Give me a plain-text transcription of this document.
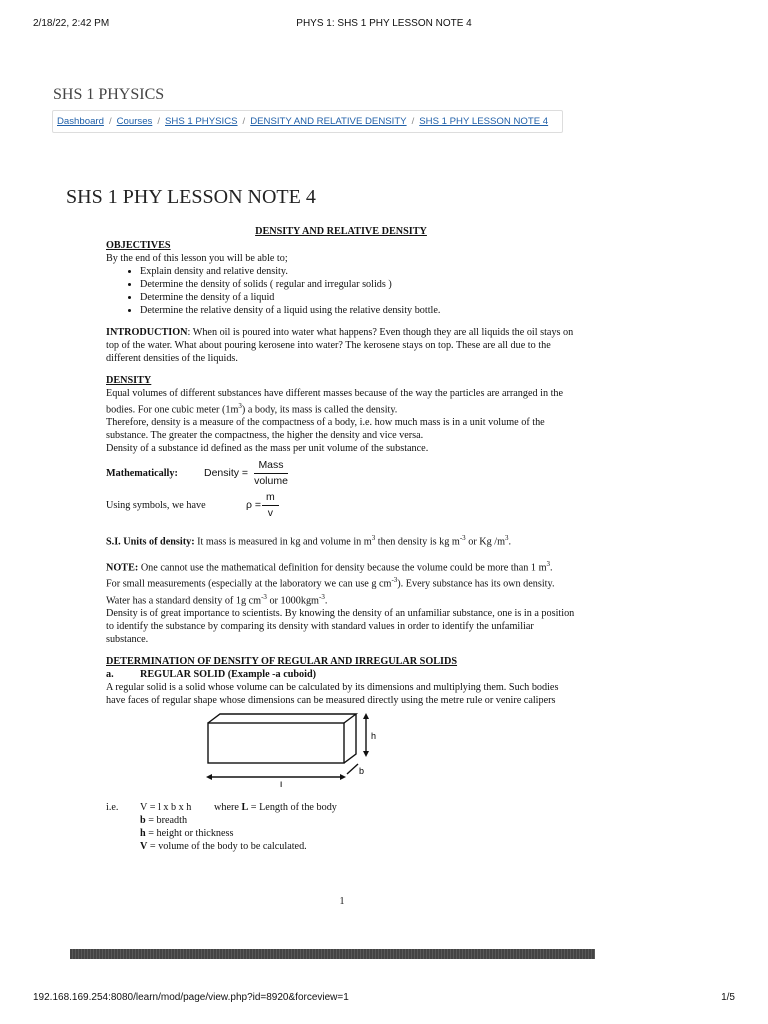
2/18/22, 2:42 PM	PHYS 1: SHS 1 PHY LESSON NOTE 4
SHS 1 PHYSICS
Dashboard / Courses / SHS 1 PHYSICS / DENSITY AND RELATIVE DENSITY / SHS 1 PHY LESSON NOTE 4
SHS 1 PHY LESSON NOTE 4

DENSITY AND RELATIVE DENSITY

OBJECTIVES

By the end of this lesson you will be able to;

• Explain density and relative density.
• Determine the density of solids ( regular and irregular solids )
• Determine the density of a liquid
• Determine the relative density of a liquid using the relative density bottle.

INTRODUCTION: When oil is poured into water what happens? Even though they are all liquids the oil stays on top of the water. What about pouring kerosene into water? The kerosene stays on top. These are all due to the different densities of the liquids.

DENSITY

Equal volumes of different substances have different masses because of the way the particles are arranged in the bodies. For one cubic meter $(1m^3)$ a body, its mass is called the density.

Therefore, density is a measure of the compactness of a body, i.e. how much mass is in a unit volume of the substance. The greater the compactness, the higher the density and vice versa.

Density of a substance id defined as the mass per unit volume of the substance.

Mathematically:	Density = $\frac{\text{Mass}}{\text{volume}}$
Using symbols, we have	$\rho = \frac{m}{v}$

S.I. Units of density: It mass is measured in kg and volume in $m^3$ then density is kg $m^{-3}$ or Kg $/m^3$.

NOTE: One cannot use the mathematical definition for density because the volume could be more than 1 $m^3$.

For small measurements (especially at the laboratory we can use g $cm^{-3}$). Every substance has its own density. Water has a standard density of 1g $cm^{-3}$ or 1000kgm$^{-3}$.

Density is of great importance to scientists. By knowing the density of an unfamiliar substance, one is in a position to identify the substance by comparing its density with standard values in order to identify the unfamiliar substance.

DETERMINATION OF DENSITY OF REGULAR AND IRREGULAR SOLIDS

a.	REGULAR SOLID (Example -a cuboid)

A regular solid is a solid whose volume can be calculated by its dimensions and multiplying them. Such bodies have faces of regular shape whose dimensions can be measured directly using the metre rule or venire calipers

h
l
b
i.e.	V = l x b x h	where L = Length of the body

b = breadth

h = height or thickness

V = volume of the body to be calculated.

1
192.168.169.254:8080/learn/mod/page/view.php?id=8920&forceview=1	1/5
